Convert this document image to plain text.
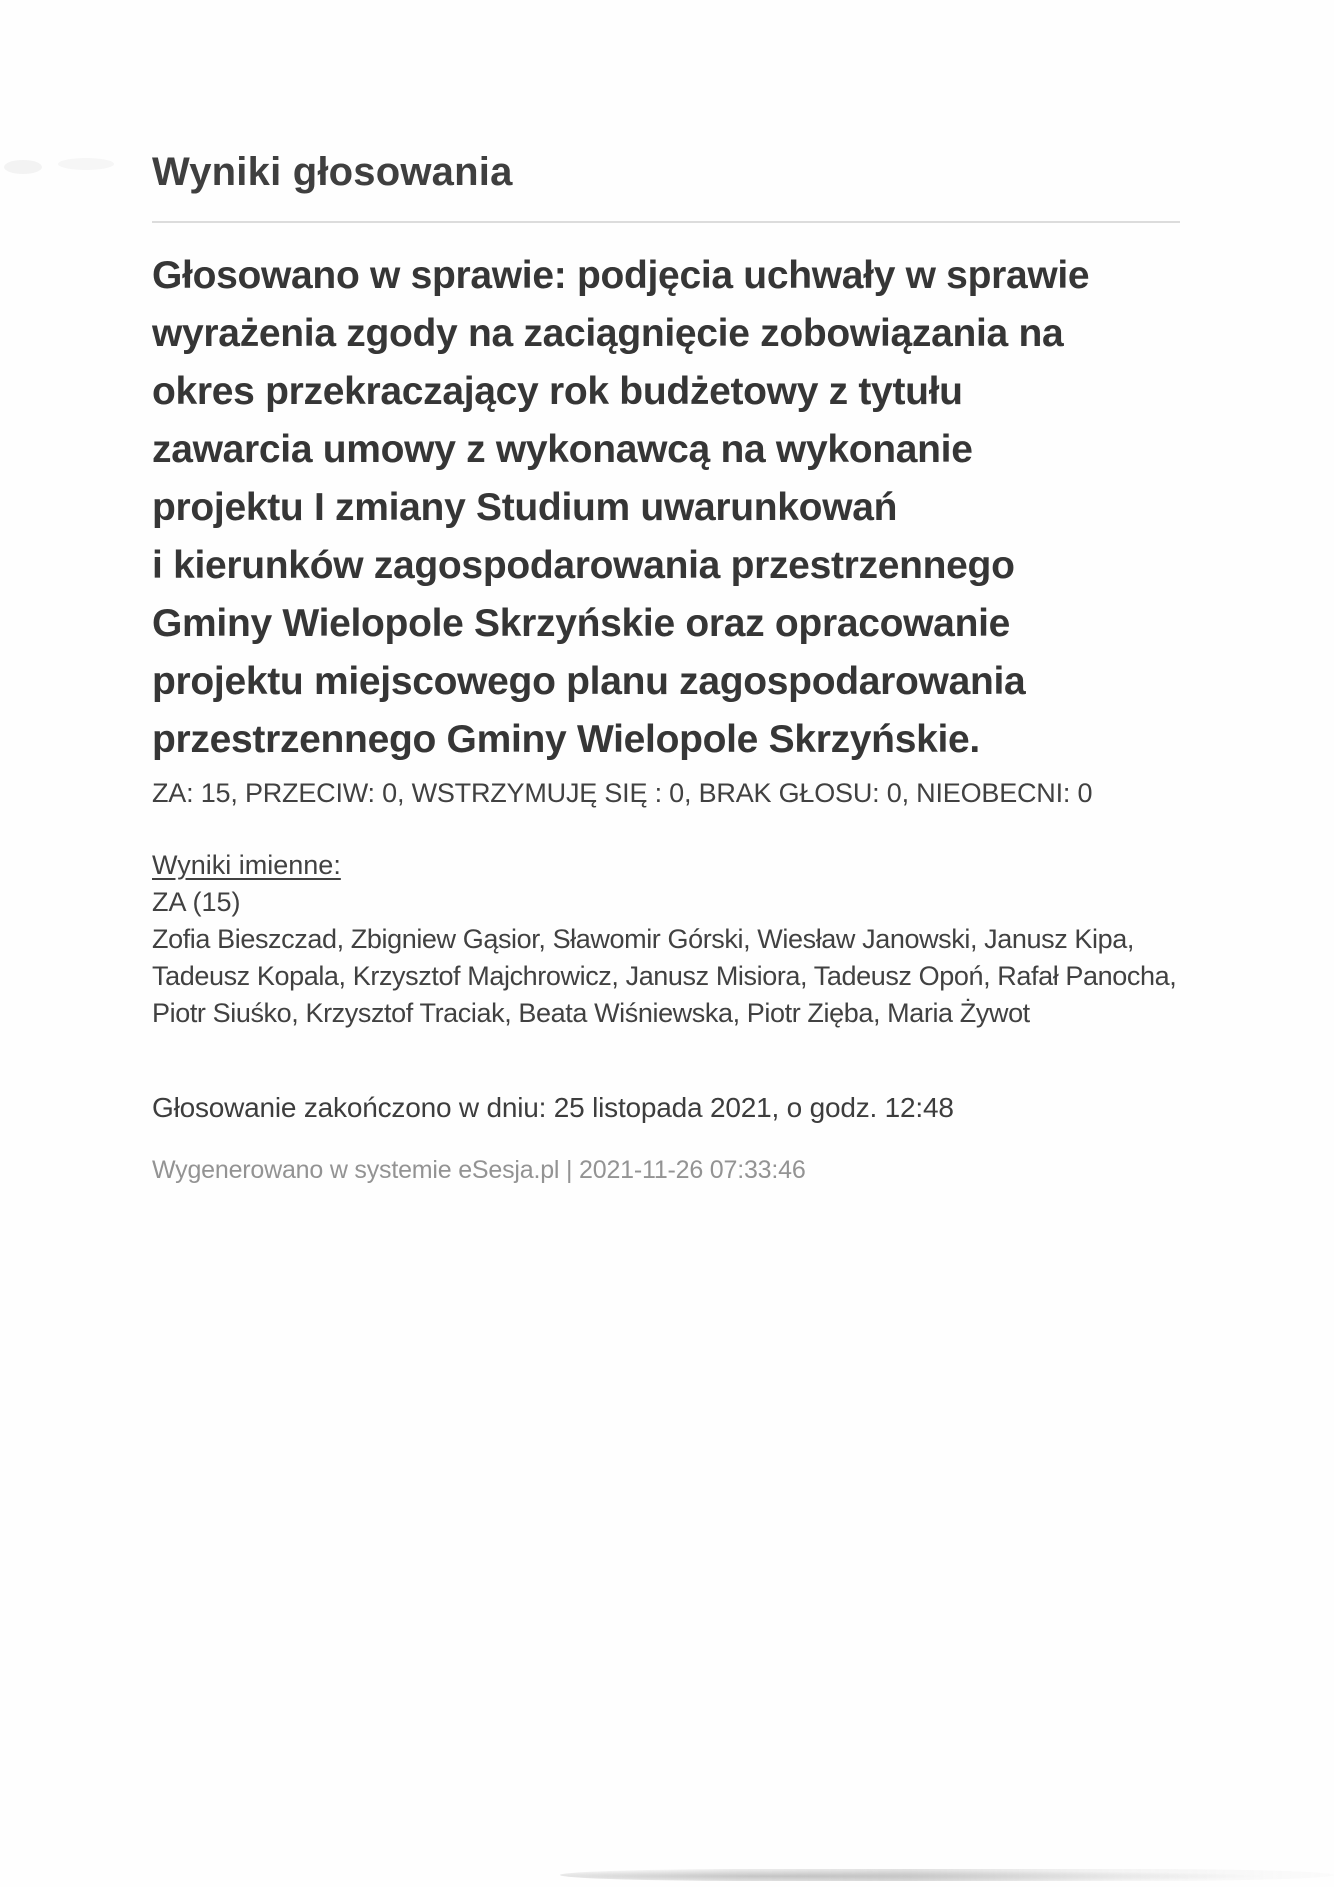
Wyniki głosowania
Głosowano w sprawie: podjęcia uchwały w sprawie
wyrażenia zgody na zaciągnięcie zobowiązania na
okres przekraczający rok budżetowy z tytułu
zawarcia umowy z wykonawcą na wykonanie
projektu I zmiany Studium uwarunkowań
i kierunków zagospodarowania przestrzennego
Gminy Wielopole Skrzyńskie oraz opracowanie
projektu miejscowego planu zagospodarowania
przestrzennego Gminy Wielopole Skrzyńskie.
ZA: 15, PRZECIW: 0, WSTRZYMUJĘ SIĘ : 0, BRAK GŁOSU: 0, NIEOBECNI: 0
Wyniki imienne:
ZA (15)
Zofia Bieszczad, Zbigniew Gąsior, Sławomir Górski, Wiesław Janowski, Janusz Kipa,
Tadeusz Kopala, Krzysztof Majchrowicz, Janusz Misiora, Tadeusz Opoń, Rafał Panocha,
Piotr Siuśko, Krzysztof Traciak, Beata Wiśniewska, Piotr Zięba, Maria Żywot
Głosowanie zakończono w dniu: 25 listopada 2021, o godz. 12:48
Wygenerowano w systemie eSesja.pl | 2021-11-26 07:33:46
